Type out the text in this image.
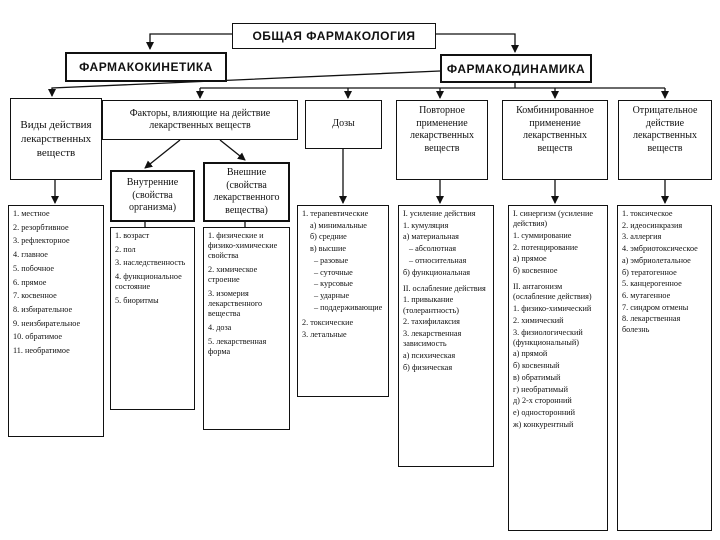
ОБЩАЯ ФАРМАКОЛОГИЯ
ФАРМАКОКИНЕТИКА	ФАРМАКОДИНАМИКА
Виды действия лекарственных веществ
Факторы, влияющие на действие лекарственных веществ	Дозы
Повторное применение лекарственных веществ
Комбинированное применение лекарственных веществ
Отрицательное действие лекарственных веществ
Внутренние (свойства организма)
Внешние (свойства лекарственного вещества)
1. местное
2. резорбтивное
3. рефлекторное
4. главное
5. побочное
6. прямое
7. косвенное
8. избирательное
9. неизбирательное
10. обратимое
11. необратимое
1. возраст
2. пол
3. наследственность
4. функциональное состояние
5. биоритмы
1. физические и физико-химические свойства
2. химическое строение
3. изомерия лекарственного вещества
4. доза
5. лекарственная форма
1. терапевтические
а) минимальные
б) средние
в) высшие
– разовые
– суточные
– курсовые
– ударные
– поддерживающие
2. токсические
3. летальные
I. усиление действия
1. кумуляция
а) материальная
– абсолютная
– относительная
б) функциональная
II. ослабление действия
1. привыкание (толерантность)
2. тахифилаксия
3. лекарственная зависимость
а) психическая
б) физическая
I. синергизм (усиление действия)
1. суммирование
2. потенцирование
а) прямое
б) косвенное
II. антагонизм (ослабление действия)
1. физико-химический
2. химический
3. физиологический (функциональный)
а) прямой
б) косвенный
в) обратимый
г) необратимый
д) 2-х сторонний
е) односторонний
ж) конкурентный
1. токсическое
2. идеосинкразия
3. аллергия
4. эмбриотоксическое
а) эмбриолетальное
б) тератогенное
5. канцерогенное
6. мутагенное
7. синдром отмены
8. лекарственная болезнь
